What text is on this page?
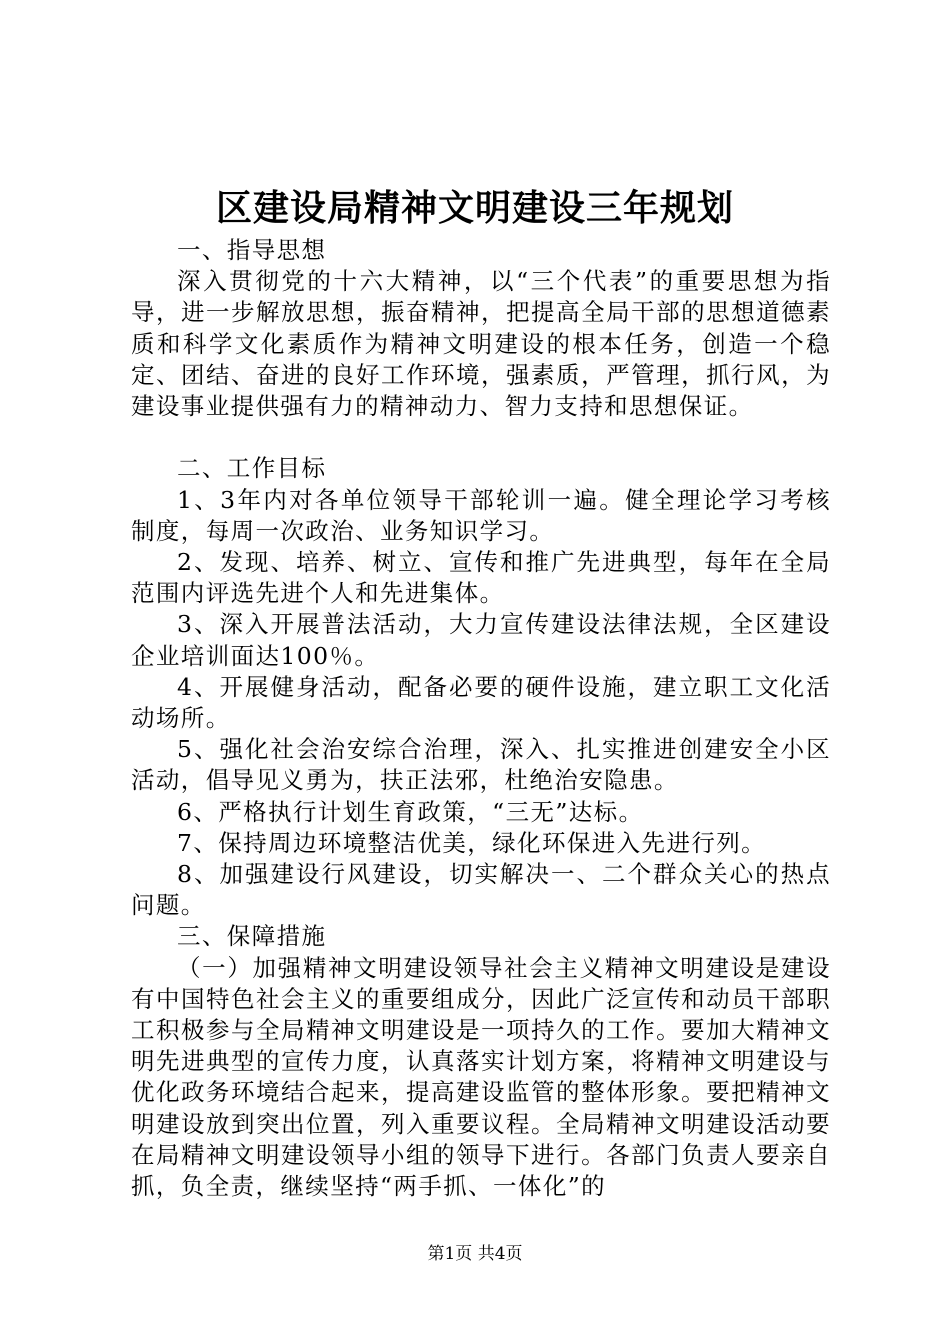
区建设局精神文明建设三年规划

一、指导思想

深入贯彻党的十六大精神，以“三个代表”的重要思想为指导，进一步解放思想，振奋精神，把提高全局干部的思想道德素质和科学文化素质作为精神文明建设的根本任务，创造一个稳定、团结、奋进的良好工作环境，强素质，严管理，抓行风，为建设事业提供强有力的精神动力、智力支持和思想保证。

二、工作目标

1、3年内对各单位领导干部轮训一遍。健全理论学习考核制度，每周一次政治、业务知识学习。

2、发现、培养、树立、宣传和推广先进典型，每年在全局范围内评选先进个人和先进集体。

3、深入开展普法活动，大力宣传建设法律法规，全区建设企业培训面达100％。

4、开展健身活动，配备必要的硬件设施，建立职工文化活动场所。

5、强化社会治安综合治理，深入、扎实推进创建安全小区活动，倡导见义勇为，扶正法邪，杜绝治安隐患。

6、严格执行计划生育政策，“三无”达标。

7、保持周边环境整洁优美，绿化环保进入先进行列。

8、加强建设行风建设，切实解决一、二个群众关心的热点问题。

三、保障措施

（一）加强精神文明建设领导社会主义精神文明建设是建设有中国特色社会主义的重要组成分，因此广泛宣传和动员干部职工积极参与全局精神文明建设是一项持久的工作。要加大精神文明先进典型的宣传力度，认真落实计划方案，将精神文明建设与优化政务环境结合起来，提高建设监管的整体形象。要把精神文明建设放到突出位置，列入重要议程。全局精神文明建设活动要在局精神文明建设领导小组的领导下进行。各部门负责人要亲自抓，负全责，继续坚持“两手抓、一体化”的

第1页 共4页
